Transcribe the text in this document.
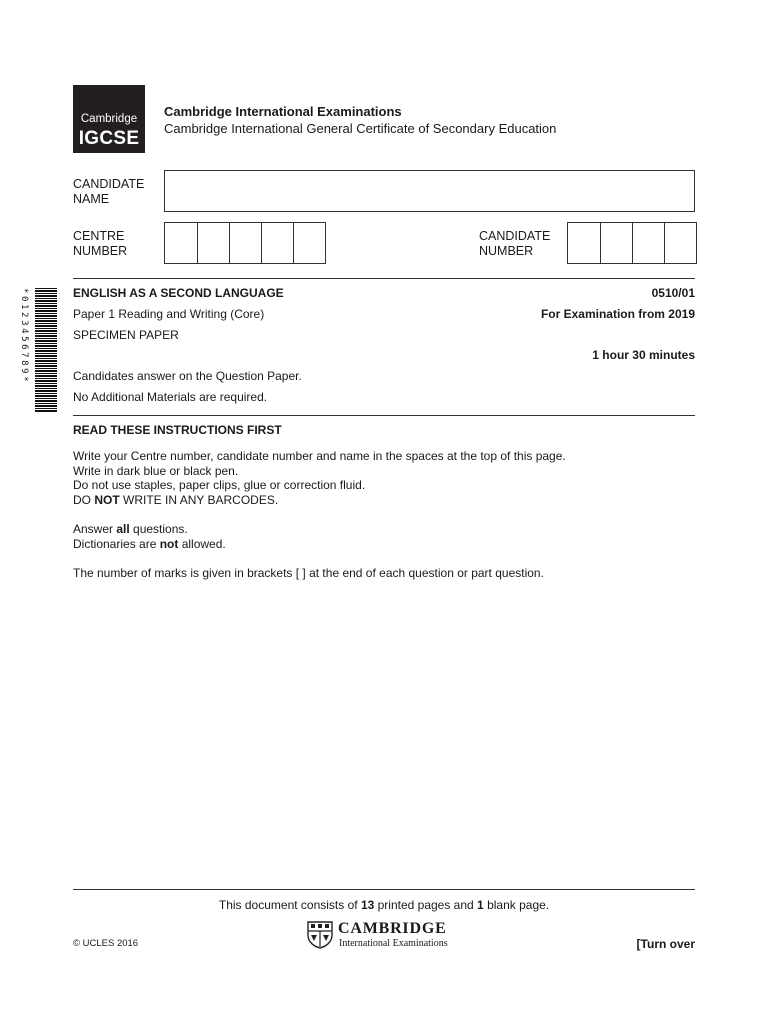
Cambridge
IGCSE
Cambridge International Examinations
Cambridge International General Certificate of Secondary Education
CANDIDATE
NAME
CENTRE
NUMBER
CANDIDATE
NUMBER
*0123456789*	ENGLISH AS A SECOND LANGUAGE	0510/01
Paper 1 Reading and Writing (Core)	For Examination from 2019
SPECIMEN PAPER
1 hour 30 minutes
Candidates answer on the Question Paper.
No Additional Materials are required.
READ THESE INSTRUCTIONS FIRST
Write your Centre number, candidate number and name in the spaces at the top of this page.
Write in dark blue or black pen.
Do not use staples, paper clips, glue or correction fluid.
DO NOT WRITE IN ANY BARCODES.
Answer all questions.
Dictionaries are not allowed.
The number of marks is given in brackets [ ] at the end of each question or part question.
This document consists of 13 printed pages and 1 blank page.
© UCLES 2016
CAMBRIDGE
International Examinations	[Turn over
